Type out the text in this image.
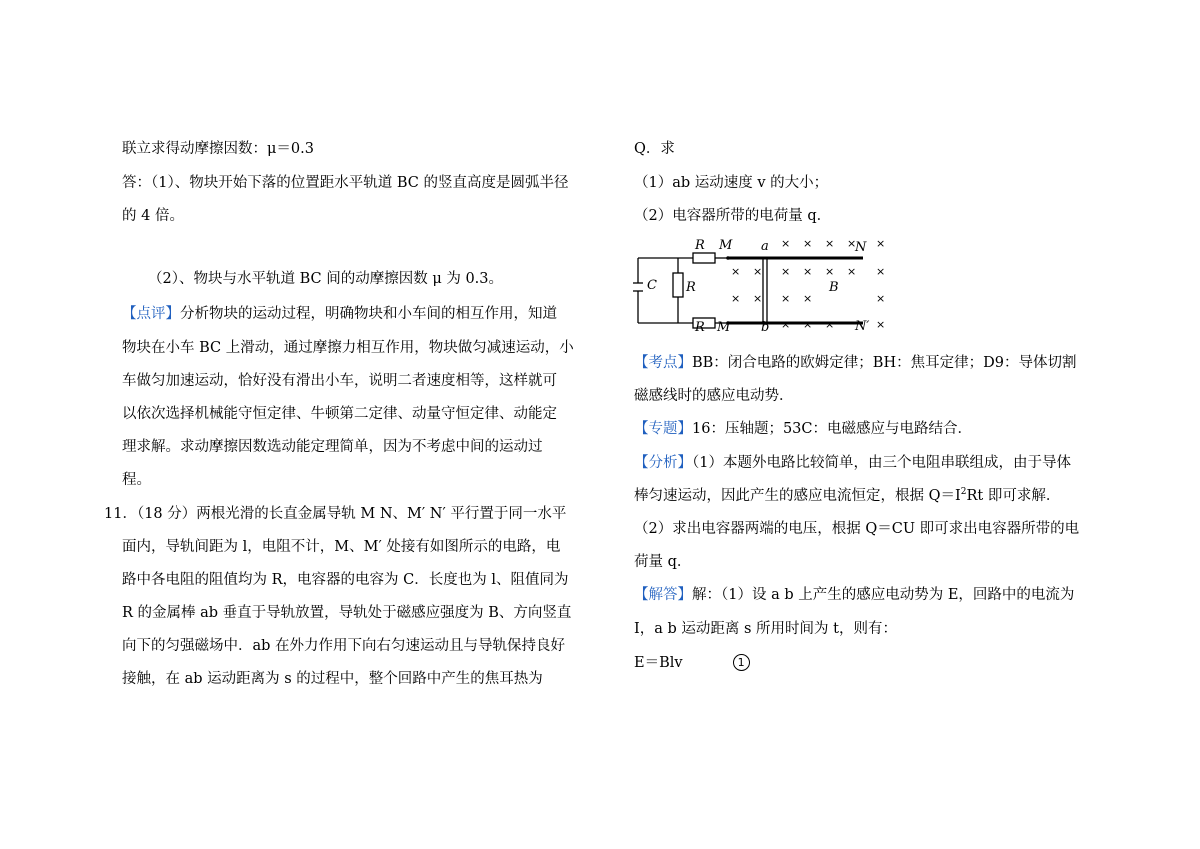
联立求得动摩擦因数：μ＝0.3
答：（1）、物块开始下落的位置距水平轨道 BC 的竖直高度是圆弧半径
的 4 倍。
（2）、物块与水平轨道 BC 间的动摩擦因数 μ 为 0.3。
【点评】分析物块的运动过程，明确物块和小车间的相互作用，知道
物块在小车 BC 上滑动，通过摩擦力相互作用，物块做匀减速运动，小
车做匀加速运动，恰好没有滑出小车，说明二者速度相等，这样就可
以依次选择机械能守恒定律、牛顿第二定律、动量守恒定律、动能定
理求解。求动摩擦因数选动能定理简单，因为不考虑中间的运动过
程。
11．（18 分）两根光滑的长直金属导轨 M N、M′ N′ 平行置于同一水平
面内，导轨间距为 l，电阻不计，M、M′ 处接有如图所示的电路，电
路中各电阻的阻值均为 R，电容器的电容为 C．长度也为 l、阻值同为
R 的金属棒 ab 垂直于导轨放置，导轨处于磁感应强度为 B、方向竖直
向下的匀强磁场中．ab 在外力作用下向右匀速运动且与导轨保持良好
接触，在 ab 运动距离为 s 的过程中，整个回路中产生的焦耳热为
Q．求
（1）ab 运动速度 v 的大小；
（2）电容器所带的电荷量 q．
C R
R
R
M
M′
a
b
N
N′
B
× × × × ×
× × × × × × ×
× × × ×	×
× × ×	×
【考点】BB：闭合电路的欧姆定律；BH：焦耳定律；D9：导体切割
磁感线时的感应电动势．
【专题】16：压轴题；53C：电磁感应与电路结合．
【分析】（1）本题外电路比较简单，由三个电阻串联组成，由于导体
棒匀速运动，因此产生的感应电流恒定，根据 $Q=I^2Rt$ 即可求解．
（2）求出电容器两端的电压，根据 Q＝CU 即可求出电容器所带的电
荷量 q．
【解答】解：（1）设 a b 上产生的感应电动势为 E，回路中的电流为
I，a b 运动距离 s 所用时间为 t，则有：
E＝Blv	1
